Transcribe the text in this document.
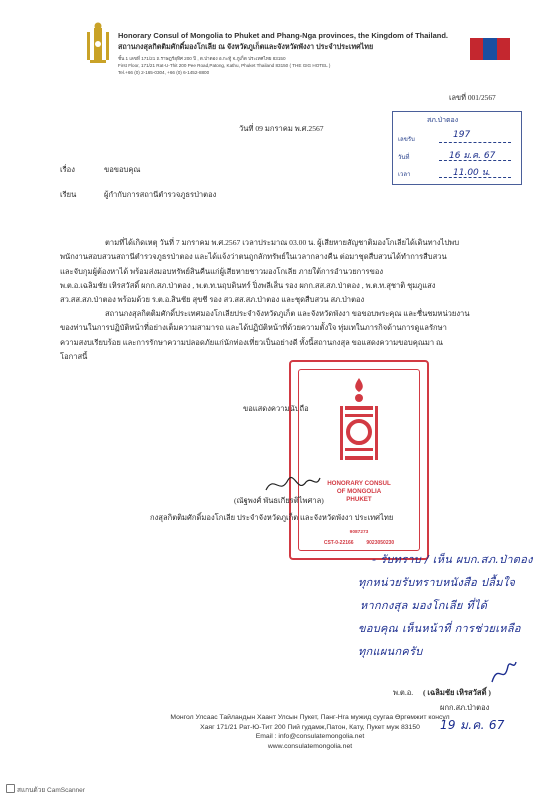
Honorary Consul of Mongolia to Phuket and Phang-Nga provinces, the Kingdom of Thailand.
สถานกงสุลกิตติมศักดิ์มองโกเลีย ณ จังหวัดภูเก็ตและจังหวัดพังงา ประจำประเทศไทย
ชั้น 1 เลขที่ 171/21 ถ.ราษฎร์อุทิศ 200 ปี , ต.ป่าตอง อ.กะทู้ จ.ภูเก็ต ประเทศไทย 83150
First Floor, 171/21 Rat-U-Thit 200 Pee Road,Patong, Kathu, Phuket Thailand 83150 ( THE GIG HOTEL )
Tel.+66 (0) 2-165-0304, +66 (0) 6-1452-8800
เลขที่ 001/2567
สภ.ป่าตอง
เลขรับ	197
วันที่	16 ม.ค. 67
เวลา	11.00 น.
วันที่ 09 มกราคม พ.ศ.2567
เรื่อง	ขอขอบคุณ
เรียน	ผู้กำกับการสถานีตำรวจภูธรป่าตอง
ตามที่ได้เกิดเหตุ วันที่ 7 มกราคม พ.ศ.2567 เวลาประมาณ 03.00 น. ผู้เสียหายสัญชาติมองโกเลียได้เดินทางไปพบ
พนักงานสอบสวนสถานีตำรวจภูธรป่าตอง และได้แจ้งว่าตนถูกลักทรัพย์ในเวลากลางคืน ต่อมาชุดสืบสวนได้ทำการสืบสวน
และจับกุมผู้ต้องหาได้ พร้อมส่งมอบทรัพย์สินคืนแก่ผู้เสียหายชาวมองโกเลีย ภายใต้การอำนวยการของ
พ.ต.อ.เฉลิมชัย เหิรสวัสดิ์ ผกก.สภ.ป่าตอง , พ.ต.ท.นฤบดินทร์ ปิ่งพลีเส็น รอง ผกก.สส.สภ.ป่าตอง , พ.ต.ท.สุชาติ ชุมภูแสง
สว.สส.สภ.ป่าตอง พร้อมด้วย ร.ต.อ.สินชัย สุขชี รอง สว.สส.สภ.ป่าตอง และชุดสืบสวน สภ.ป่าตอง
สถานกงสุลกิตติมศักดิ์ประเทศมองโกเลียประจำจังหวัดภูเก็ต และจังหวัดพังงา ขอขอบพระคุณ และชื่นชมหน่วยงาน
ของท่านในการปฏิบัติหน้าที่อย่างเต็มความสามารถ และได้ปฏิบัติหน้าที่ด้วยความตั้งใจ ทุ่มเทในภารกิจด้านการดูแลรักษา
ความสงบเรียบร้อย และการรักษาความปลอดภัยแก่นักท่องเที่ยวเป็นอย่างดี ทั้งนี้สถานกงสุล ขอแสดงความขอบคุณมา ณ
โอกาสนี้
ขอแสดงความนับถือ
HONORARY CONSUL
OF MONGOLIA
PHUKET
9087273
CST-0-22166	9023050230
(ณัฐพงศ์ พันธเกียรติไพศาล)
กงสุลกิตติมศักดิ์มองโกเลีย ประจำจังหวัดภูเก็ต และจังหวัดพังงา ประเทศไทย
- รับทราบ / เห็น ผบก.สภ.ป่าตอง
ทุกหน่วยรับทราบหนังสือ ปลื้มใจ
หากกงสุล มองโกเลีย ที่ได้
ขอบคุณ เห็นหน้าที่ การช่วยเหลือ
ทุกแผนกครับ
พ.ต.อ. ( เฉลิมชัย เหิรสวัสดิ์ )
ผกก.สภ.ป่าตอง
19 ม.ค. 67
Монгол Улсаас Тайландын Хаант Улсын Пукет, Панг-Нга мужид суугаа Өргөмжит консул
Хаяг 171/21 Рат-Ю-Тит 200 Пий гудамж,Патон, Кату, Пукет муж 83150
Email : info@consulatemongolia.net
www.consulatemongolia.net
สแกนด้วย CamScanner
